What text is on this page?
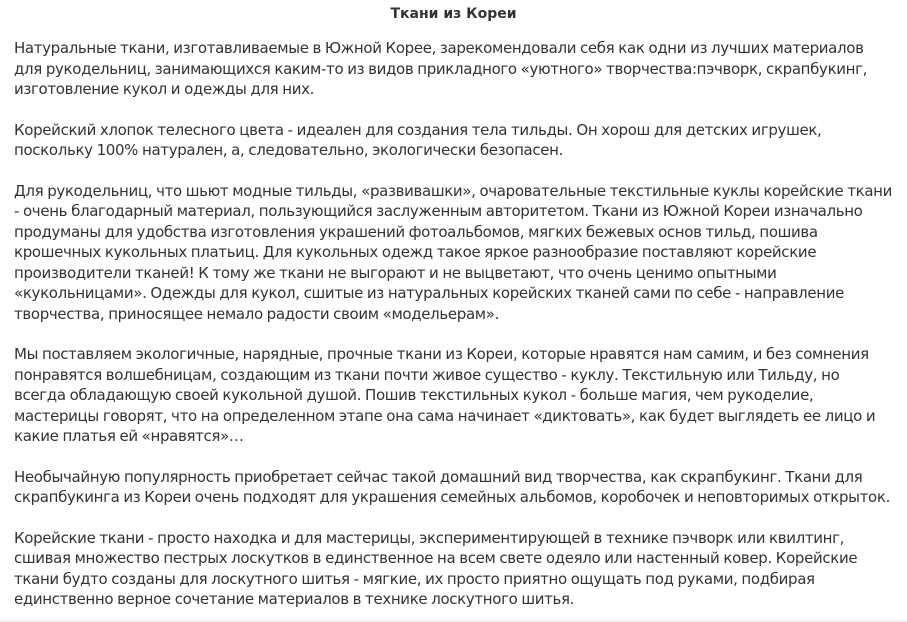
Ткани из Кореи

Натуральные ткани, изготавливаемые в Южной Корее, зарекомендовали себя как одни из лучших материалов для рукодельниц, занимающихся каким-то из видов прикладного «уютного» творчества:пэчворк, скрапбукинг, изготовление кукол и одежды для них.

Корейский хлопок телесного цвета - идеален для создания тела тильды. Он хорош для детских игрушек, поскольку 100% натурален, а, следовательно, экологически безопасен.

Для рукодельниц, что шьют модные тильды, «развивашки», очаровательные текстильные куклы корейские ткани - очень благодарный материал, пользующийся заслуженным авторитетом. Ткани из Южной Кореи изначально продуманы для удобства изготовления украшений фотоальбомов, мягких бежевых основ тильд, пошива крошечных кукольных платьиц. Для кукольных одежд такое яркое разнообразие поставляют корейские производители тканей! К тому же ткани не выгорают и не выцветают, что очень ценимо опытными «кукольницами». Одежды для кукол, сшитые из натуральных корейских тканей сами по себе - направление творчества, приносящее немало радости своим «модельерам».

Мы поставляем экологичные, нарядные, прочные ткани из Кореи, которые нравятся нам самим, и без сомнения понравятся волшебницам, создающим из ткани почти живое существо - куклу. Текстильную или Тильду, но всегда обладающую своей кукольной душой. Пошив текстильных кукол - больше магия, чем рукоделие, мастерицы говорят, что на определенном этапе она сама начинает «диктовать», как будет выглядеть ее лицо и какие платья ей «нравятся»…

Необычайную популярность приобретает сейчас такой домашний вид творчества, как скрапбукинг. Ткани для скрапбукинга из Кореи очень подходят для украшения семейных альбомов, коробочек и неповторимых открыток.

Корейские ткани - просто находка и для мастерицы, экспериментирующей в технике пэчворк или квилтинг, сшивая множество пестрых лоскутков в единственное на всем свете одеяло или настенный ковер. Корейские ткани будто созданы для лоскутного шитья - мягкие, их просто приятно ощущать под руками, подбирая единственно верное сочетание материалов в технике лоскутного шитья.
